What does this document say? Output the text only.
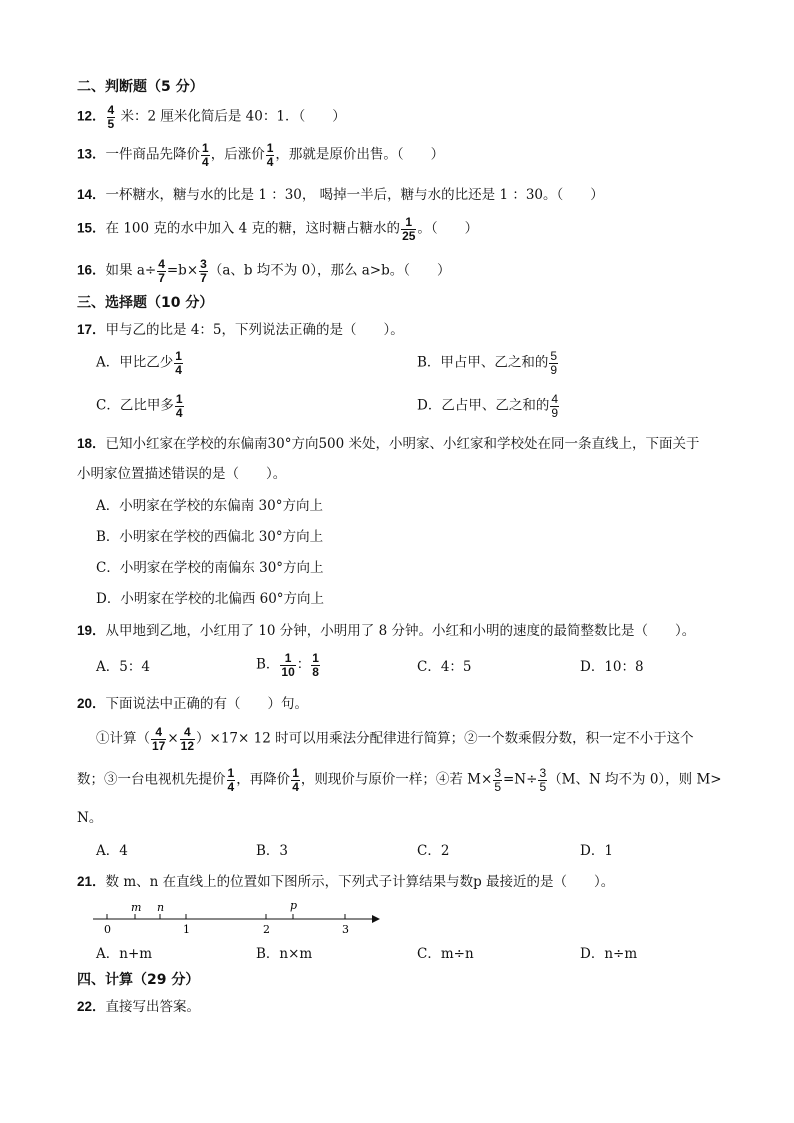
二、判断题（5 分）
12． $\frac{4}{5}$ 米：2 厘米化简后是 40：1．（　　）
13．一件商品先降价 $\frac{1}{4}$ ，后涨价 $\frac{1}{4}$ ，那就是原价出售。（　　）
14．一杯糖水，糖与水的比是 1 ：30， 喝掉一半后，糖与水的比还是 1 ：30。（　　）
15．在 100 克的水中加入 4 克的糖，这时糖占糖水的 $\frac{1}{25}$ 。（　　）
16．如果 $a\div \frac{4}{7} =b\times \frac{3}{7} (a$、b 均不为 0），那么 a>b。（　　）
三、选择题（10 分）
17．甲与乙的比是 4：5，下列说法正确的是（　　）。
A．甲比乙少 $\frac{1}{4}$	B．甲占甲、乙之和的 $\frac{5}{9}$
C．乙比甲多 $\frac{1}{4}$	D．乙占甲、乙之和的 $\frac{4}{9}$
18．已知小红家在学校的东偏南30°方向500 米处，小明家、小红家和学校处在同一条直线上，下面关于
小明家位置描述错误的是（　　）。
A．小明家在学校的东偏南 30°方向上
B．小明家在学校的西偏北 30°方向上
C．小明家在学校的南偏东 30°方向上
D．小明家在学校的北偏西 60°方向上
19．从甲地到乙地，小红用了 10 分钟，小明用了 8 分钟。小红和小明的速度的最简整数比是（　　）。
A．5：4	B． $\frac{1}{10}$ ： $\frac{1}{8}$	C．4：5	D．10：8
20．下面说法中正确的有（　　）句。
①计算（ $\frac{4}{17} \times \frac{4}{12} )\times 17\times 12$ 时可以用乘法分配律进行简算；②一个数乘假分数，积一定不小于这个
数；③一台电视机先提价 $\frac{1}{4}$ ，再降价 $\frac{1}{4}$ ，则现价与原价一样；④若 $M\times \frac{3}{5} =N\div \frac{3}{5} (M$、N 均不为 0），则 M>
N。
A．4	B．3	C．2	D．1
21．数 m、n 在直线上的位置如下图所示，下列式子计算结果与数p 最接近的是（　　）。
m n	p
0	1	2	3
A．n+m	B．n×m	C．m÷n	D．n÷m
四、计算（29 分）
22．直接写出答案。
